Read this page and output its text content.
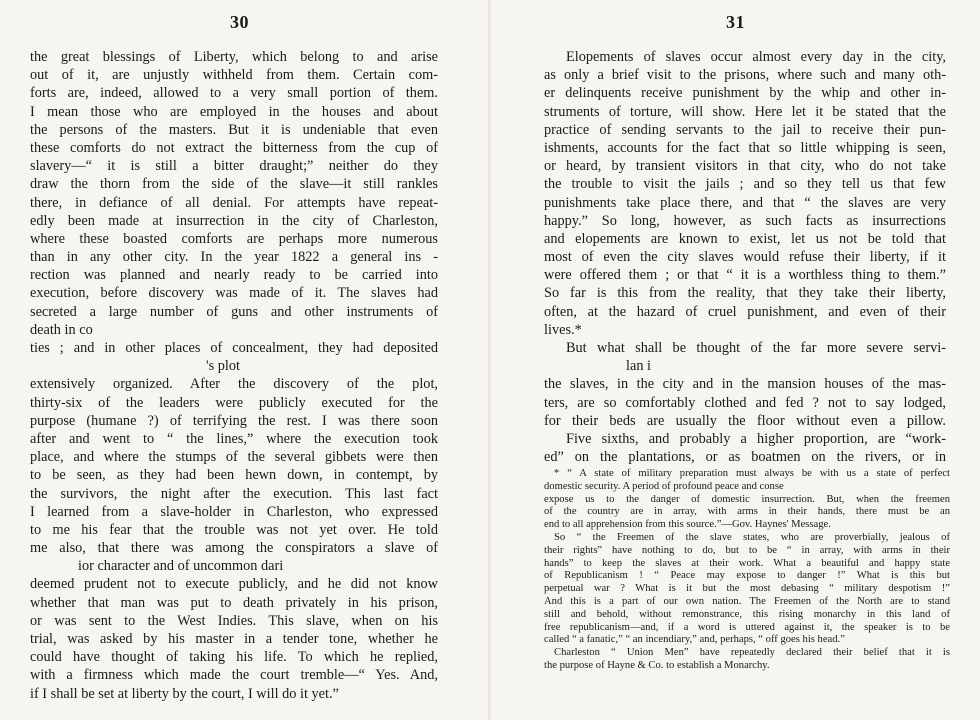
30
the great blessings of Liberty, which belong to and arise
out of it, are unjustly withheld from them. Certain com-
forts are, indeed, allowed to a very small portion of them.
I mean those who are employed in the houses and about
the persons of the masters. But it is undeniable that even
these comforts do not extract the bitterness from the cup of
slavery—“ it is still a bitter draught;” neither do they
draw the thorn from the side of the slave—it still rankles
there, in defiance of all denial. For attempts have repeat-
edly been made at insurrection in the city of Charleston,
where these boasted comforts are perhaps more numerous
than in any other city. In the year 1822 a general ins -
rection was planned and nearly ready to be carried into
execution, before discovery was made of it. The slaves had
secreted a large number of guns and other instruments of
death in co
ties ; and in other places of concealment, they had deposited
's plot
extensively organized. After the discovery of the plot,
thirty-six of the leaders were publicly executed for the
purpose (humane ?) of terrifying the rest. I was there soon
after and went to “ the lines,” where the execution took
place, and where the stumps of the several gibbets were then
to be seen, as they had been hewn down, in contempt, by
the survivors, the night after the execution. This last fact
I learned from a slave-holder in Charleston, who expressed
to me his fear that the trouble was not yet over. He told
me also, that there was among the conspirators a slave of
ior character and of uncommon dari
deemed prudent not to execute publicly, and he did not know
whether that man was put to death privately in his prison,
or was sent to the West Indies. This slave, when on his
trial, was asked by his master in a tender tone, whether he
could have thought of taking his life. To which he replied,
with a firmness which made the court tremble—“ Yes. And,
if I shall be set at liberty by the court, I will do it yet.”
31
Elopements of slaves occur almost every day in the city,
as only a brief visit to the prisons, where such and many oth-
er delinquents receive punishment by the whip and other in-
struments of torture, will show. Here let it be stated that the
practice of sending servants to the jail to receive their pun-
ishments, accounts for the fact that so little whipping is seen,
or heard, by transient visitors in that city, who do not take
the trouble to visit the jails ; and so they tell us that few
punishments take place there, and that “ the slaves are very
happy.” So long, however, as such facts as insurrections
and elopements are known to exist, let us not be told that
most of even the city slaves would refuse their liberty, if it
were offered them ; or that “ it is a worthless thing to them.”
So far is this from the reality, that they take their liberty,
often, at the hazard of cruel punishment, and even of their
lives.*
But what shall be thought of the far more severe servi-
lan i
the slaves, in the city and in the mansion houses of the mas-
ters, are so comfortably clothed and fed ? not to say lodged,
for their beds are usually the floor without even a pillow.
Five sixths, and probably a higher proportion, are “work-
ed” on the plantations, or as boatmen on the rivers, or in
* “ A state of military preparation must always be with us a state of perfect
domestic security. A period of profound peace and conse
expose us to the danger of domestic insurrection. But, when the freemen
of the country are in array, with arms in their hands, there must be an
end to all apprehension from this source.”—Gov. Haynes' Message.
So “ the Freemen of the slave states, who are proverbially, jealous of
their rights” have nothing to do, but to be “ in array, with arms in their
hands” to keep the slaves at their work. What a beautiful and happy state
of Republicanism ! “ Peace may expose to danger !” What is this but
perpetual war ? What is it but the most debasing “ military despotism !”
And this is a part of our own nation. The Freemen of the North are to stand
still and behold, without remonstrance, this rising monarchy in this land of
free republicanism—and, if a word is uttered against it, the speaker is to be
called “ a fanatic,” “ an incendiary,” and, perhaps, “ off goes his head.”
Charleston “ Union Men” have repeatedly declared their belief that it is
the purpose of Hayne & Co. to establish a Monarchy.
